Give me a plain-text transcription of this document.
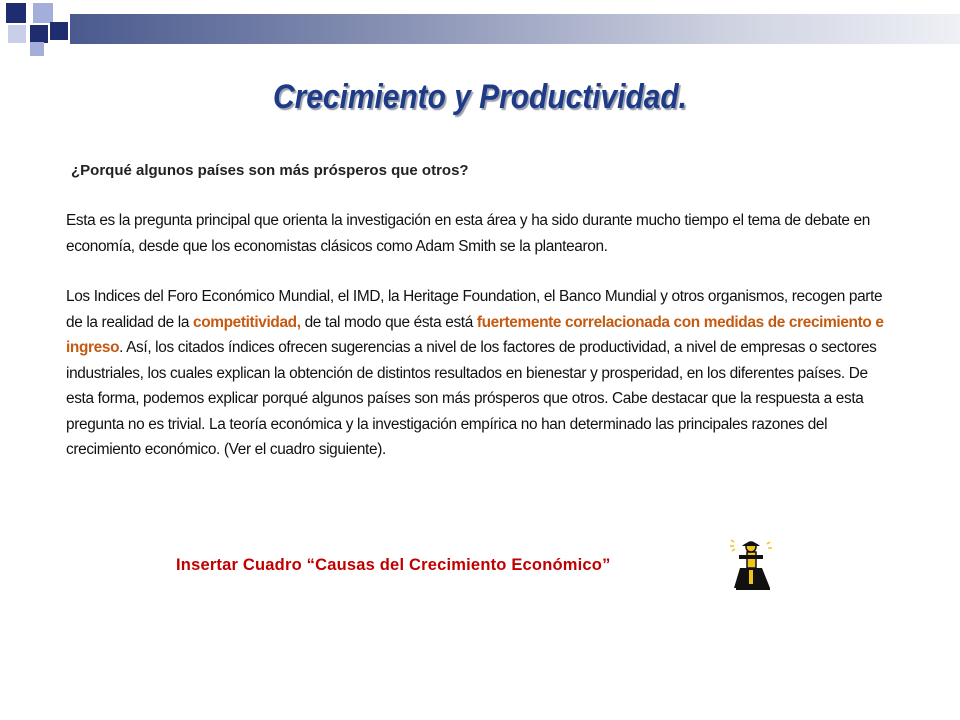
Crecimiento y Productividad.
¿Porqué algunos países son más prósperos que otros?
Esta es la pregunta principal que orienta la investigación en esta área y ha sido durante mucho tiempo el tema de debate en economía, desde que los economistas clásicos como Adam Smith se la plantearon.
Los Indices del Foro Económico Mundial, el IMD, la Heritage Foundation, el Banco Mundial y otros organismos, recogen parte de la realidad de la competitividad, de tal modo que ésta está fuertemente correlacionada con medidas de crecimiento e ingreso. Así, los citados índices ofrecen sugerencias a nivel de los factores de productividad, a nivel de empresas o sectores industriales, los cuales explican la obtención de distintos resultados en bienestar y prosperidad, en los diferentes países. De esta forma, podemos explicar porqué algunos países son más prósperos que otros. Cabe destacar que la respuesta a esta pregunta no es trivial. La teoría económica y la investigación empírica no han determinado las principales razones del crecimiento económico. (Ver el cuadro siguiente).
Insertar Cuadro “Causas del Crecimiento Económico”
